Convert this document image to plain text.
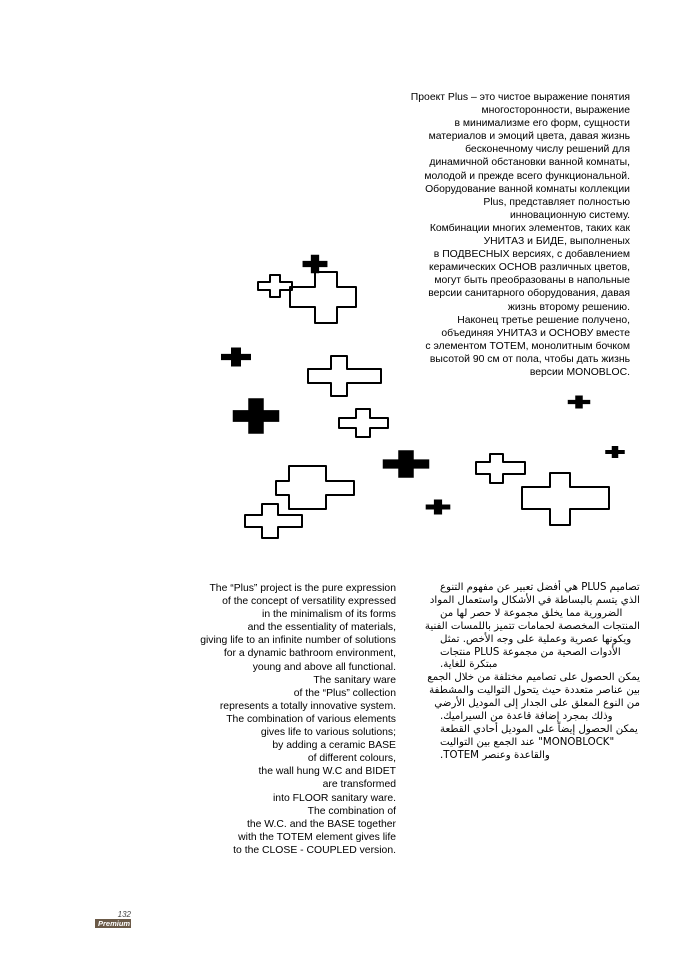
Проект Plus – это чистое выражение понятия
многосторонности, выражение
в минимализме его форм, сущности
материалов и эмоций цвета, давая жизнь
бесконечному числу решений для
динамичной обстановки ванной комнаты,
молодой и прежде всего функциональной.
Оборудование ванной комнаты коллекции
Plus, представляет полностью
инновационную систему.
Комбинации многих элементов, таких как
УНИТАЗ и БИДЕ, выполненых
в ПОДВЕСНЫХ версиях, с добавлением
керамических ОСНОВ различных цветов,
могут быть преобразованы в напольные
версии санитарного оборудования, давая
жизнь второму решению.
Наконец третье решение получено,
объединяя УНИТАЗ и ОСНОВУ вместе
с элементом TOTEM, монолитным бочком
высотой 90 см от пола, чтобы дать жизнь
версии MONOBLOC.
The “Plus” project is the pure expression
of the concept of versatility expressed
in the minimalism of its forms
and the essentiality of materials,
giving life to an infinite number of solutions
for a dynamic bathroom environment,
young and above all functional.
The sanitary ware
of the “Plus” collection
represents a totally innovative system.
The combination of various elements
gives life to various solutions;
by adding a ceramic BASE
of different colours,
the wall hung W.C and BIDET
are transformed
into FLOOR sanitary ware.
The combination of
the W.C. and the BASE together
with the TOTEM element gives life
to the CLOSE - COUPLED version.
تصاميم PLUS هي أفضل تعبير عن مفهوم التنوع
الذي يتسم بالبساطة في الأشكال واستعمال المواد
الضرورية مما يخلق مجموعة لا حصر لها من
المنتجات المخصصة لحمامات تتميز باللمسات الفنية
ويكونها عصرية وعملية على وجه الأخص. تمثل
الأدوات الصحية من مجموعة PLUS منتجات
مبتكرة للغاية.
يمكن الحصول على تصاميم مختلفة من خلال الجمع
بين عناصر متعددة حيث يتحول التواليت والمشطفة
من النوع المعلق على الجدار إلى الموديل الأرضي
وذلك بمجرد إضافة قاعدة من السيراميك.
يمكن الحصول إيضاً على الموديل أحادي القطعة
"MONOBLOCK" عند الجمع بين التواليت
والقاعدة وعنصر TOTEM.
132
Premium
